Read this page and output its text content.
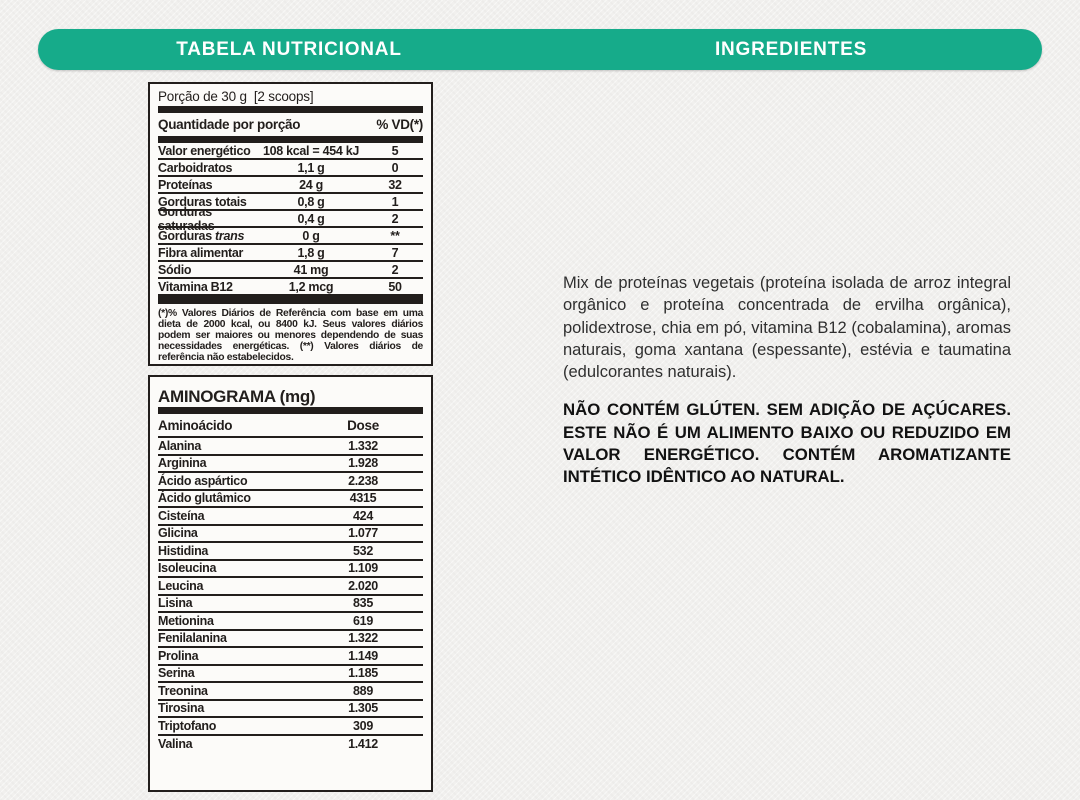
TABELA NUTRICIONAL	INGREDIENTES
Porção de 30 g  [2 scoops]
Quantidade por porção	% VD(*)
Valor energético	108 kcal = 454 kJ	5
Carboidratos	1,1 g	0
Proteínas	24 g	32
Gorduras totais	0,8 g	1
Gorduras saturadas	0,4 g	2
Gorduras trans	0 g	**
Fibra alimentar	1,8 g	7
Sódio	41 mg	2
Vitamina B12	1,2 mcg	50
(*)% Valores Diários de Referência com base em uma dieta de 2000 kcal, ou 8400 kJ. Seus valores diários podem ser maiores ou menores dependendo de suas necessidades energéticas. (**) Valores diários de referência não estabelecidos.
AMINOGRAMA (mg)
Aminoácido	Dose
Alanina	1.332
Arginina	1.928
Ácido aspártico	2.238
Ácido glutâmico	4315
Cisteína	424
Glicina	1.077
Histidina	532
Isoleucina	1.109
Leucina	2.020
Lisina	835
Metionina	619
Fenilalanina	1.322
Prolina	1.149
Serina	1.185
Treonina	889
Tirosina	1.305
Triptofano	309
Valina	1.412

Mix de proteínas vegetais (proteína isolada de arroz integral orgânico e proteína concentrada de ervilha orgânica), polidextrose, chia em pó, vitamina B12 (cobalamina), aromas naturais, goma xantana (espessante), estévia e taumatina (edulcorantes naturais).

NÃO CONTÉM GLÚTEN. SEM ADIÇÃO DE AÇÚCARES. ESTE NÃO É UM ALIMENTO BAIXO OU REDUZIDO EM VALOR ENERGÉTICO. CONTÉM AROMATIZANTE INTÉTICO IDÊNTICO AO NATURAL.
